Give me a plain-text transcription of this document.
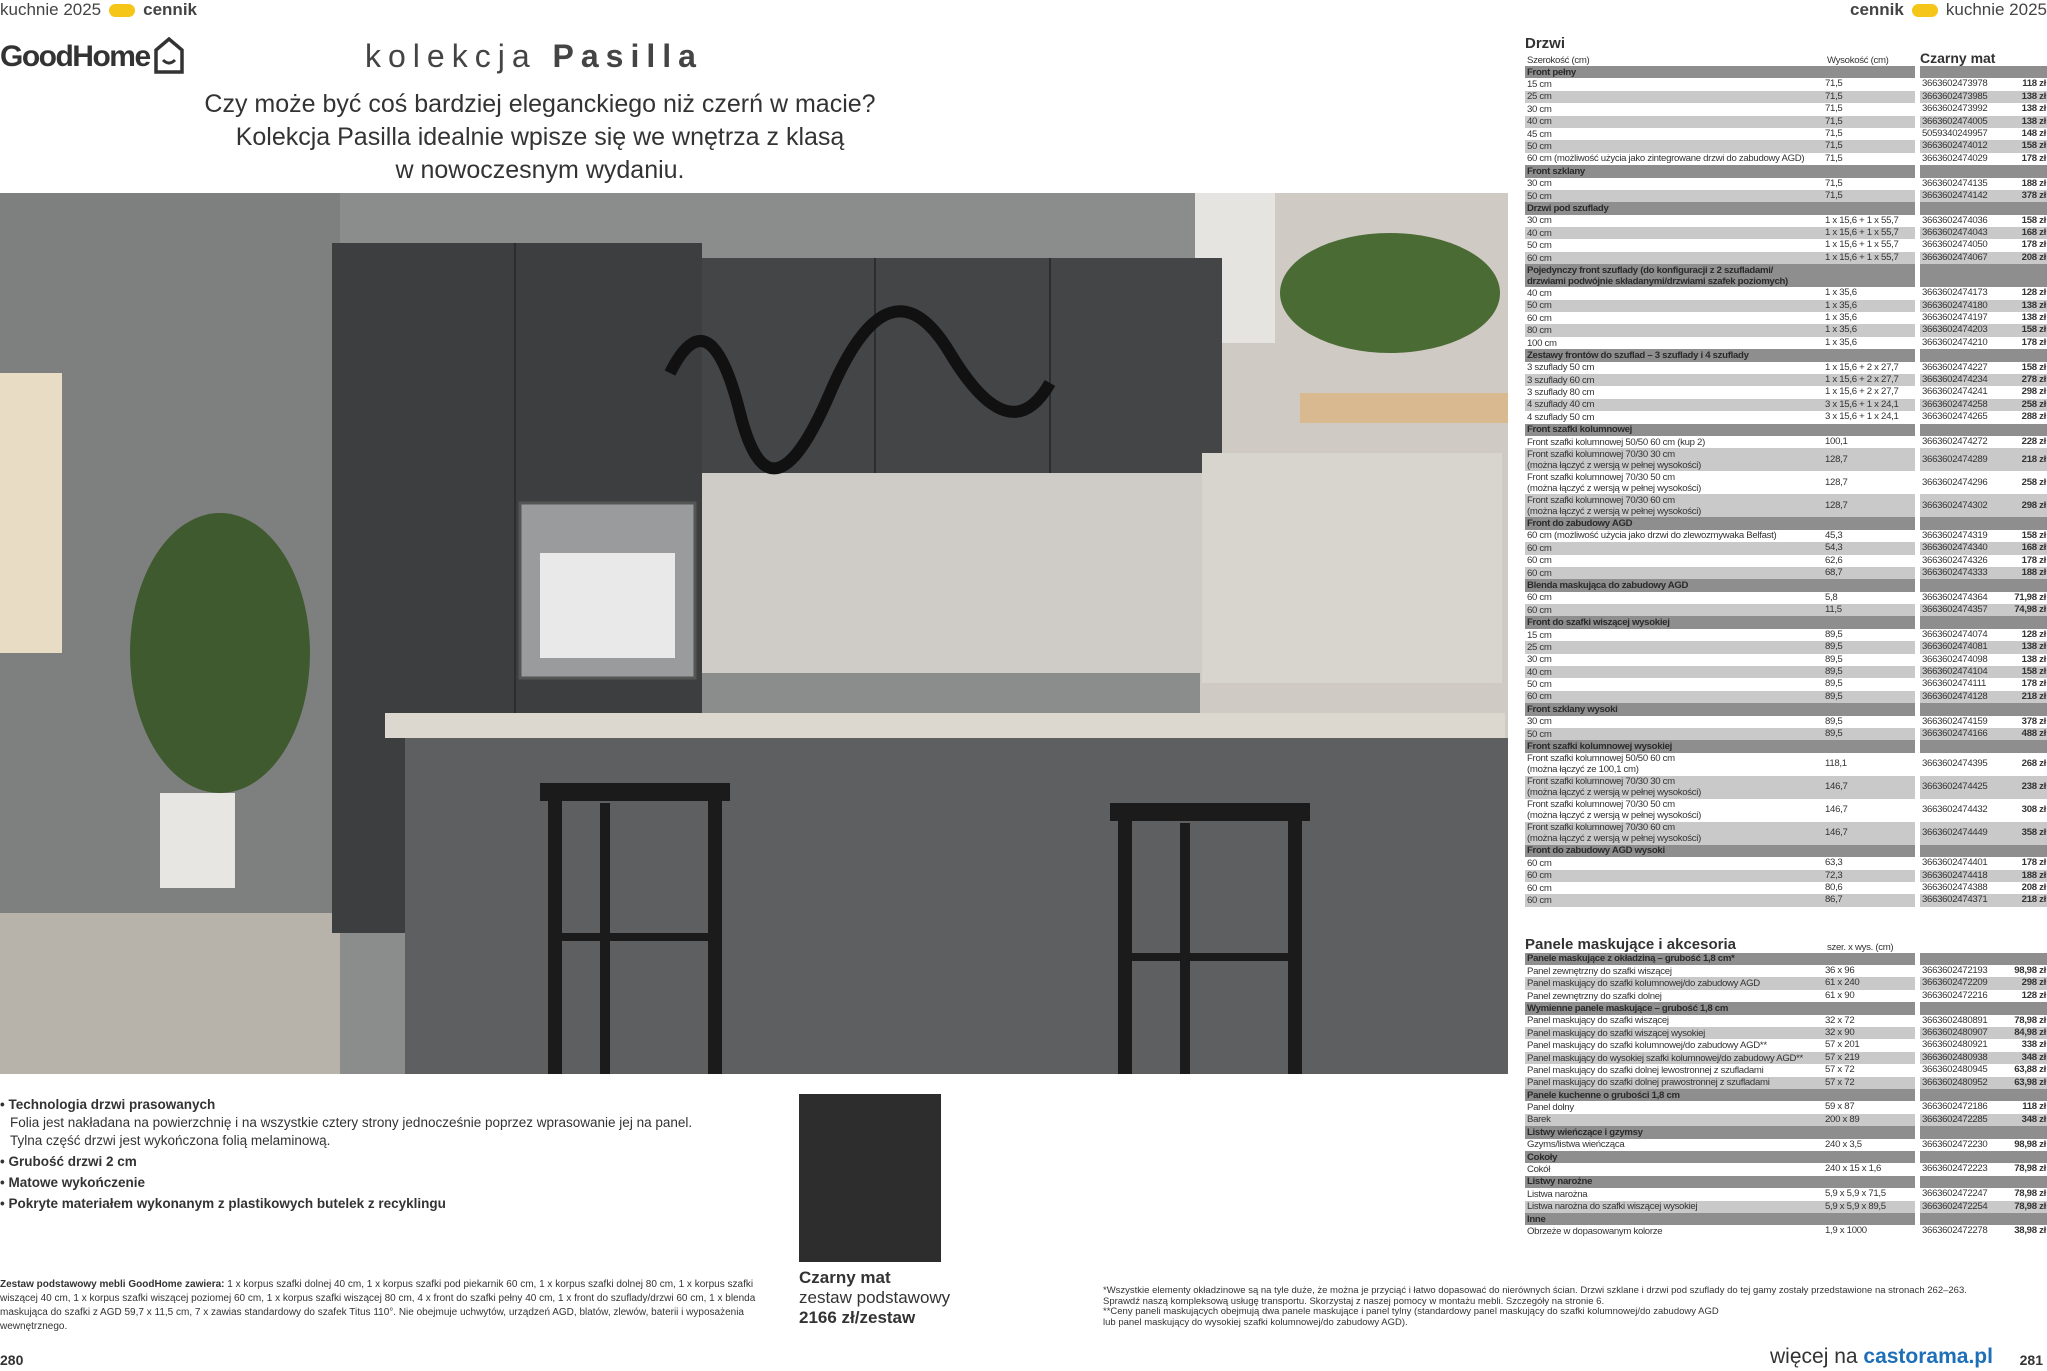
kuchnie 2025 cennik	cennik kuchnie 2025
GoodHome	kolekcja Pasilla
Czy może być coś bardziej eleganckiego niż czerń w macie?
Kolekcja Pasilla idealnie wpisze się we wnętrza z klasą
w nowoczesnym wydaniu.
• Technologia drzwi prasowanych
Folia jest nakładana na powierzchnię i na wszystkie cztery strony jednocześnie poprzez wprasowanie jej na panel.
Tylna część drzwi jest wykończona folią melaminową.
• Grubość drzwi 2 cm
• Matowe wykończenie
• Pokryte materiałem wykonanym z plastikowych butelek z recyklingu
Czarny mat
zestaw podstawowy
2166 zł/zestaw
Zestaw podstawowy mebli GoodHome zawiera: 1 x korpus szafki dolnej 40 cm, 1 x korpus szafki pod piekarnik 60 cm, 1 x korpus szafki dolnej 80 cm, 1 x korpus szafki wiszącej 40 cm, 1 x korpus szafki wiszącej poziomej 60 cm, 1 x korpus szafki wiszącej 80 cm, 4 x front do szafki pełny 40 cm, 1 x front do szuflady/drzwi 60 cm, 1 x blenda maskująca do szafki z AGD 59,7 x 11,5 cm, 7 x zawias standardowy do szafek Titus 110°. Nie obejmuje uchwytów, urządzeń AGD, blatów, zlewów, baterii i wyposażenia wewnętrznego.
*Wszystkie elementy okładzinowe są na tyle duże, że można je przyciąć i łatwo dopasować do nierównych ścian. Drzwi szklane i drzwi pod szuflady do tej gamy zostały przedstawione na stronach 262–263.
Sprawdź naszą kompleksową usługę transportu. Skorzystaj z naszej pomocy w montażu mebli. Szczegóły na stronie 6.
**Ceny paneli maskujących obejmują dwa panele maskujące i panel tylny (standardowy panel maskujący do szafki kolumnowej/do zabudowy AGD
lub panel maskujący do wysokiej szafki kolumnowej/do zabudowy AGD).
280	281
więcej na castorama.pl
Drzwi
Szerokość (cm)	Wysokość (cm)	Czarny mat
Front pełny
15 cm	71,5	3663602473978	118 zł
25 cm	71,5	3663602473985	138 zł
30 cm	71,5	3663602473992	138 zł
40 cm	71,5	3663602474005	138 zł
45 cm	71,5	5059340249957	148 zł
50 cm	71,5	3663602474012	158 zł
60 cm (możliwość użycia jako zintegrowane drzwi do zabudowy AGD)	71,5	3663602474029	178 zł
Front szklany
30 cm	71,5	3663602474135	188 zł
50 cm	71,5	3663602474142	378 zł
Drzwi pod szuflady
30 cm	1 x 15,6 + 1 x 55,7	3663602474036	158 zł
40 cm	1 x 15,6 + 1 x 55,7	3663602474043	168 zł
50 cm	1 x 15,6 + 1 x 55,7	3663602474050	178 zł
60 cm	1 x 15,6 + 1 x 55,7	3663602474067	208 zł
Pojedynczy front szuflady (do konfiguracji z 2 szufladami/
drzwiami podwójnie składanymi/drzwiami szafek poziomych)
40 cm	1 x 35,6	3663602474173	128 zł
50 cm	1 x 35,6	3663602474180	138 zł
60 cm	1 x 35,6	3663602474197	138 zł
80 cm	1 x 35,6	3663602474203	158 zł
100 cm	1 x 35,6	3663602474210	178 zł
Zestawy frontów do szuflad – 3 szuflady i 4 szuflady
3 szuflady 50 cm	1 x 15,6 + 2 x 27,7	3663602474227	158 zł
3 szuflady 60 cm	1 x 15,6 + 2 x 27,7	3663602474234	278 zł
3 szuflady 80 cm	1 x 15,6 + 2 x 27,7	3663602474241	298 zł
4 szuflady 40 cm	3 x 15,6 + 1 x 24,1	3663602474258	258 zł
4 szuflady 50 cm	3 x 15,6 + 1 x 24,1	3663602474265	288 zł
Front szafki kolumnowej
Front szafki kolumnowej 50/50 60 cm (kup 2)	100,1	3663602474272	228 zł
Front szafki kolumnowej 70/30 30 cm
(można łączyć z wersją w pełnej wysokości)
128,7	3663602474289	218 zł
Front szafki kolumnowej 70/30 50 cm
(można łączyć z wersją w pełnej wysokości)
128,7	3663602474296	258 zł
Front szafki kolumnowej 70/30 60 cm
(można łączyć z wersją w pełnej wysokości)
128,7	3663602474302	298 zł
Front do zabudowy AGD
60 cm (możliwość użycia jako drzwi do zlewozmywaka Belfast)	45,3	3663602474319	158 zł
60 cm	54,3	3663602474340	168 zł
60 cm	62,6	3663602474326	178 zł
60 cm	68,7	3663602474333	188 zł
Blenda maskująca do zabudowy AGD
60 cm	5,8	3663602474364	71,98 zł
60 cm	11,5	3663602474357	74,98 zł
Front do szafki wiszącej wysokiej
15 cm	89,5	3663602474074	128 zł
25 cm	89,5	3663602474081	138 zł
30 cm	89,5	3663602474098	138 zł
40 cm	89,5	3663602474104	158 zł
50 cm	89,5	3663602474111	178 zł
60 cm	89,5	3663602474128	218 zł
Front szklany wysoki
30 cm	89,5	3663602474159	378 zł
50 cm	89,5	3663602474166	488 zł
Front szafki kolumnowej wysokiej
Front szafki kolumnowej 50/50 60 cm
(można łączyć ze 100,1 cm)
118,1	3663602474395	268 zł
Front szafki kolumnowej 70/30 30 cm
(można łączyć z wersją w pełnej wysokości)
146,7	3663602474425	238 zł
Front szafki kolumnowej 70/30 50 cm
(można łączyć z wersją w pełnej wysokości)
146,7	3663602474432	308 zł
Front szafki kolumnowej 70/30 60 cm
(można łączyć z wersją w pełnej wysokości)
146,7	3663602474449	358 zł
Front do zabudowy AGD wysoki
60 cm	63,3	3663602474401	178 zł
60 cm	72,3	3663602474418	188 zł
60 cm	80,6	3663602474388	208 zł
60 cm	86,7	3663602474371	218 zł
Panele maskujące i akcesoria	szer. x wys. (cm)
Panele maskujące z okładziną – grubość 1,8 cm*
Panel zewnętrzny do szafki wiszącej	36 x 96	3663602472193	98,98 zł
Panel maskujący do szafki kolumnowej/do zabudowy AGD	61 x 240	3663602472209	298 zł
Panel zewnętrzny do szafki dolnej	61 x 90	3663602472216	128 zł
Wymienne panele maskujące – grubość 1,8 cm
Panel maskujący do szafki wiszącej	32 x 72	3663602480891	78,98 zł
Panel maskujący do szafki wiszącej wysokiej	32 x 90	3663602480907	84,98 zł
Panel maskujący do szafki kolumnowej/do zabudowy AGD**	57 x 201	3663602480921	338 zł
Panel maskujący do wysokiej szafki kolumnowej/do zabudowy AGD**	57 x 219	3663602480938	348 zł
Panel maskujący do szafki dolnej lewostronnej z szufladami	57 x 72	3663602480945	63,88 zł
Panel maskujący do szafki dolnej prawostronnej z szufladami	57 x 72	3663602480952	63,98 zł
Panele kuchenne o grubości 1,8 cm
Panel dolny	59 x 87	3663602472186	118 zł
Barek	200 x 89	3663602472285	348 zł
Listwy wieńczące i gzymsy
Gzyms/listwa wieńcząca	240 x 3,5	3663602472230	98,98 zł
Cokoły
Cokół	240 x 15 x 1,6	3663602472223	78,98 zł
Listwy narożne
Listwa narożna	5,9 x 5,9 x 71,5	3663602472247	78,98 zł
Listwa narożna do szafki wiszącej wysokiej	5,9 x 5,9 x 89,5	3663602472254	78,98 zł
Inne
Obrzeże w dopasowanym kolorze	1,9 x 1000	3663602472278	38,98 zł
